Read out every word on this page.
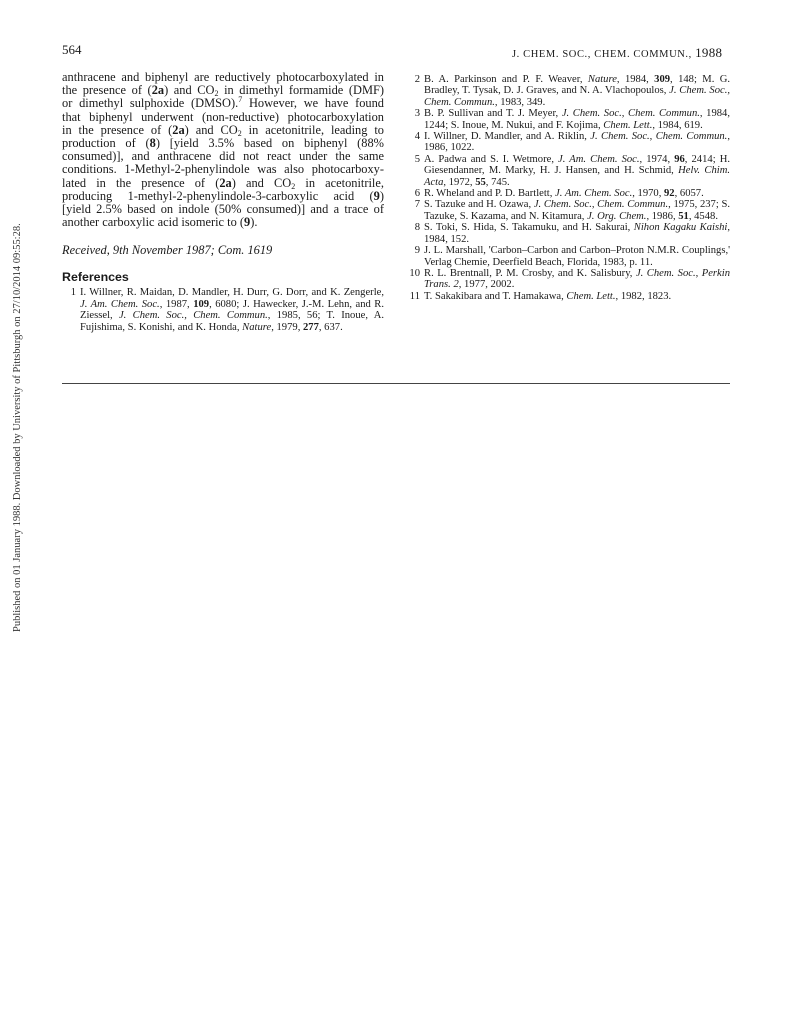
Published on 01 January 1988. Downloaded by University of Pittsburgh on 27/10/2014 09:55:28.
564	J. CHEM. SOC., CHEM. COMMUN., 1988
anthracene and biphenyl are reductively photocarboxylated in
the presence of (2a) and $CO_2$ in dimethyl formamide (DMF)
or dimethyl sulphoxide (DMSO).$^7$ However, we have found
that biphenyl underwent (non-reductive) photocarboxylation
in the presence of (2a) and $CO_2$ in acetonitrile, leading to
production of (8) [yield 3.5% based on biphenyl (88%
consumed)], and anthracene did not react under the same
conditions. 1-Methyl-2-phenylindole was also photocarboxy-
lated in the presence of (2a) and $CO_2$ in acetonitrile,
producing 1-methyl-2-phenylindole-3-carboxylic acid (9)
[yield 2.5% based on indole (50% consumed)] and a trace of
another carboxylic acid isomeric to (9).
Received, 9th November 1987; Com. 1619
References
1 I. Willner, R. Maidan, D. Mandler, H. Durr, G. Dorr, and K. Zengerle, J. Am. Chem. Soc., 1987, 109, 6080; J. Hawecker, J.-M. Lehn, and R. Ziessel, J. Chem. Soc., Chem. Commun., 1985, 56; T. Inoue, A. Fujishima, S. Konishi, and K. Honda, Nature, 1979, 277, 637.
2 B. A. Parkinson and P. F. Weaver, Nature, 1984, 309, 148; M. G. Bradley, T. Tysak, D. J. Graves, and N. A. Vlachopoulos, J. Chem. Soc., Chem. Commun., 1983, 349.
3 B. P. Sullivan and T. J. Meyer, J. Chem. Soc., Chem. Commun., 1984, 1244; S. Inoue, M. Nukui, and F. Kojima, Chem. Lett., 1984, 619.
4 I. Willner, D. Mandler, and A. Riklin, J. Chem. Soc., Chem. Commun., 1986, 1022.
5 A. Padwa and S. I. Wetmore, J. Am. Chem. Soc., 1974, 96, 2414; H. Giesendanner, M. Marky, H. J. Hansen, and H. Schmid, Helv. Chim. Acta, 1972, 55, 745.
6 R. Wheland and P. D. Bartlett, J. Am. Chem. Soc., 1970, 92, 6057.
7 S. Tazuke and H. Ozawa, J. Chem. Soc., Chem. Commun., 1975, 237; S. Tazuke, S. Kazama, and N. Kitamura, J. Org. Chem., 1986, 51, 4548.
8 S. Toki, S. Hida, S. Takamuku, and H. Sakurai, Nihon Kagaku Kaishi, 1984, 152.
9 J. L. Marshall, 'Carbon–Carbon and Carbon–Proton N.M.R. Couplings,' Verlag Chemie, Deerfield Beach, Florida, 1983, p. 11.
10 R. L. Brentnall, P. M. Crosby, and K. Salisbury, J. Chem. Soc., Perkin Trans. 2, 1977, 2002.
11 T. Sakakibara and T. Hamakawa, Chem. Lett., 1982, 1823.
